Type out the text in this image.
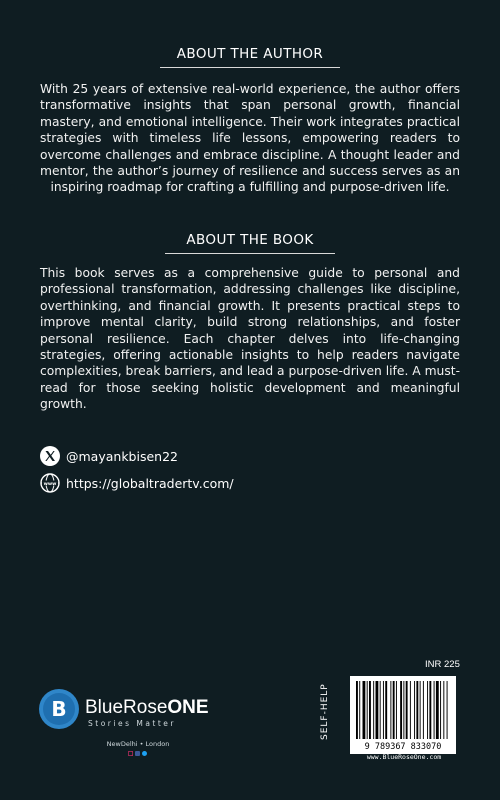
ABOUT THE AUTHOR
With 25 years of extensive real-world experience, the author offers transformative insights that span personal growth, financial mastery, and emotional intelligence. Their work integrates practical strategies with timeless life lessons, empowering readers to overcome challenges and embrace discipline. A thought leader and mentor, the author’s journey of resilience and success serves as an inspiring roadmap for crafting a fulfilling and purpose-driven life.
ABOUT THE BOOK
This book serves as a comprehensive guide to personal and professional transformation, addressing challenges like discipline, overthinking, and financial growth. It presents practical steps to improve mental clarity, build strong relationships, and foster personal resilience. Each chapter delves into life-changing strategies, offering actionable insights to help readers navigate complexities, break barriers, and lead a purpose-driven life. A must-read for those seeking holistic development and meaningful growth.
@mayankbisen22
www https://globaltradertv.com/
B BlueRoseONE
Stories Matter
NewDelhi • London
INR 225
SELF-HELP
9 789367 833070
www.BlueRoseOne.com
